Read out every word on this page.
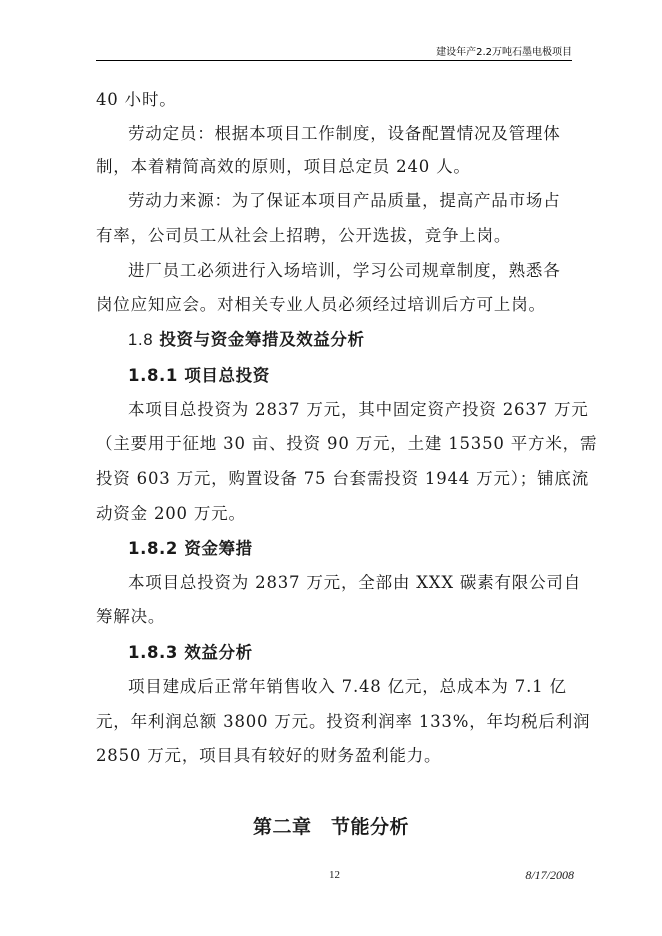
建设年产2.2万吨石墨电极项目
40 小时。
劳动定员：根据本项目工作制度，设备配置情况及管理体
制，本着精简高效的原则，项目总定员 240 人。
劳动力来源：为了保证本项目产品质量，提高产品市场占
有率，公司员工从社会上招聘，公开选拔，竞争上岗。
进厂员工必须进行入场培训，学习公司规章制度，熟悉各
岗位应知应会。对相关专业人员必须经过培训后方可上岗。
1.8 投资与资金筹措及效益分析
1.8.1 项目总投资
本项目总投资为 2837 万元，其中固定资产投资 2637 万元
（主要用于征地 30 亩、投资 90 万元，土建 15350 平方米，需
投资 603 万元，购置设备 75 台套需投资 1944 万元）；铺底流
动资金 200 万元。
1.8.2 资金筹措
本项目总投资为 2837 万元，全部由 XXX 碳素有限公司自
筹解决。
1.8.3 效益分析
项目建成后正常年销售收入 7.48 亿元，总成本为 7.1 亿
元，年利润总额 3800 万元。投资利润率 133%，年均税后利润
2850 万元，项目具有较好的财务盈利能力。
第二章　节能分析
12	8/17/2008
